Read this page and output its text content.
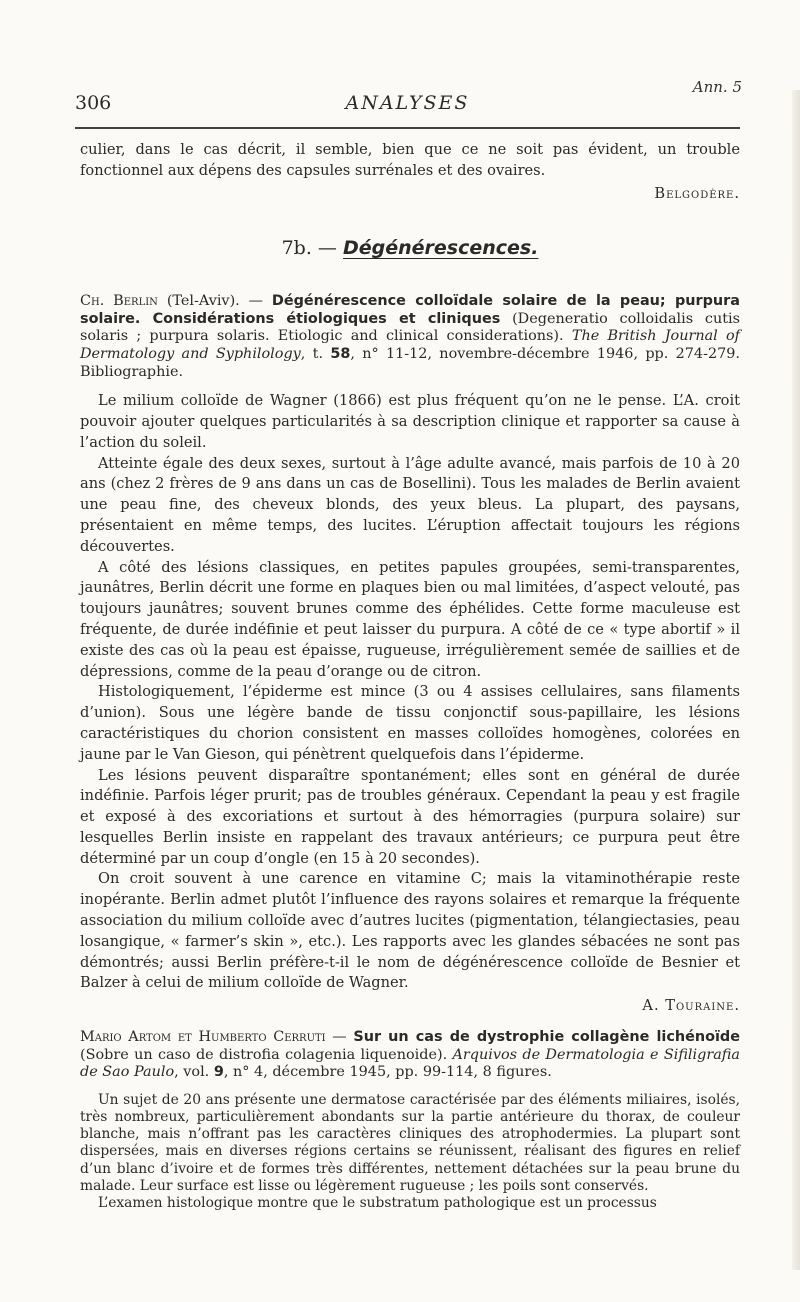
Ann. 5
306	ANALYSES

culier, dans le cas décrit, il semble, bien que ce ne soit pas évident, un trouble fonctionnel aux dépens des capsules surrénales et des ovaires.

Belgodère.

7b. — Dégénérescences.

Ch. Berlin (Tel-Aviv). — Dégénérescence colloïdale solaire de la peau; purpura solaire. Considérations étiologiques et cliniques (Degeneratio colloidalis cutis solaris ; purpura solaris. Etiologic and clinical considerations). The British Journal of Dermatology and Syphilology, t. 58, n° 11-12, novembre-décembre 1946, pp. 274-279. Bibliographie.

Le milium colloïde de Wagner (1866) est plus fréquent qu’on ne le pense. L’A. croit pouvoir ajouter quelques particularités à sa description clinique et rapporter sa cause à l’action du soleil.

Atteinte égale des deux sexes, surtout à l’âge adulte avancé, mais parfois de 10 à 20 ans (chez 2 frères de 9 ans dans un cas de Bosellini). Tous les malades de Berlin avaient une peau fine, des cheveux blonds, des yeux bleus. La plupart, des paysans, présentaient en même temps, des lucites. L’éruption affectait toujours les régions découvertes.

A côté des lésions classiques, en petites papules groupées, semi-transparentes, jaunâtres, Berlin décrit une forme en plaques bien ou mal limitées, d’aspect velouté, pas toujours jaunâtres; souvent brunes comme des éphélides. Cette forme maculeuse est fréquente, de durée indéfinie et peut laisser du purpura. A côté de ce « type abortif » il existe des cas où la peau est épaisse, rugueuse, irrégulièrement semée de saillies et de dépressions, comme de la peau d’orange ou de citron.

Histologiquement, l’épiderme est mince (3 ou 4 assises cellulaires, sans filaments d’union). Sous une légère bande de tissu conjonctif sous-papillaire, les lésions caractéristiques du chorion consistent en masses colloïdes homogènes, colorées en jaune par le Van Gieson, qui pénètrent quelquefois dans l’épiderme.

Les lésions peuvent disparaître spontanément; elles sont en général de durée indéfinie. Parfois léger prurit; pas de troubles généraux. Cependant la peau y est fragile et exposé à des excoriations et surtout à des hémorragies (purpura solaire) sur lesquelles Berlin insiste en rappelant des travaux antérieurs; ce purpura peut être déterminé par un coup d’ongle (en 15 à 20 secondes).

On croit souvent à une carence en vitamine C; mais la vitaminothérapie reste inopérante. Berlin admet plutôt l’influence des rayons solaires et remarque la fréquente association du milium colloïde avec d’autres lucites (pigmentation, télangiectasies, peau losangique, « farmer’s skin », etc.). Les rapports avec les glandes sébacées ne sont pas démontrés; aussi Berlin préfère-t-il le nom de dégénérescence colloïde de Besnier et Balzer à celui de milium colloïde de Wagner.

A. Touraine.

Mario Artom et Humberto Cerruti — Sur un cas de dystrophie collagène lichénoïde (Sobre un caso de distrofia colagenia liquenoide). Arquivos de Dermatologia e Sifiligrafia de Sao Paulo, vol. 9, n° 4, décembre 1945, pp. 99-114, 8 figures.

Un sujet de 20 ans présente une dermatose caractérisée par des éléments miliaires, isolés, très nombreux, particulièrement abondants sur la partie antérieure du thorax, de couleur blanche, mais n’offrant pas les caractères cliniques des atrophodermies. La plupart sont dispersées, mais en diverses régions certains se réunissent, réalisant des figures en relief d’un blanc d’ivoire et de formes très différentes, nettement détachées sur la peau brune du malade. Leur surface est lisse ou légèrement rugueuse ; les poils sont conservés.

L’examen histologique montre que le substratum pathologique est un processus
